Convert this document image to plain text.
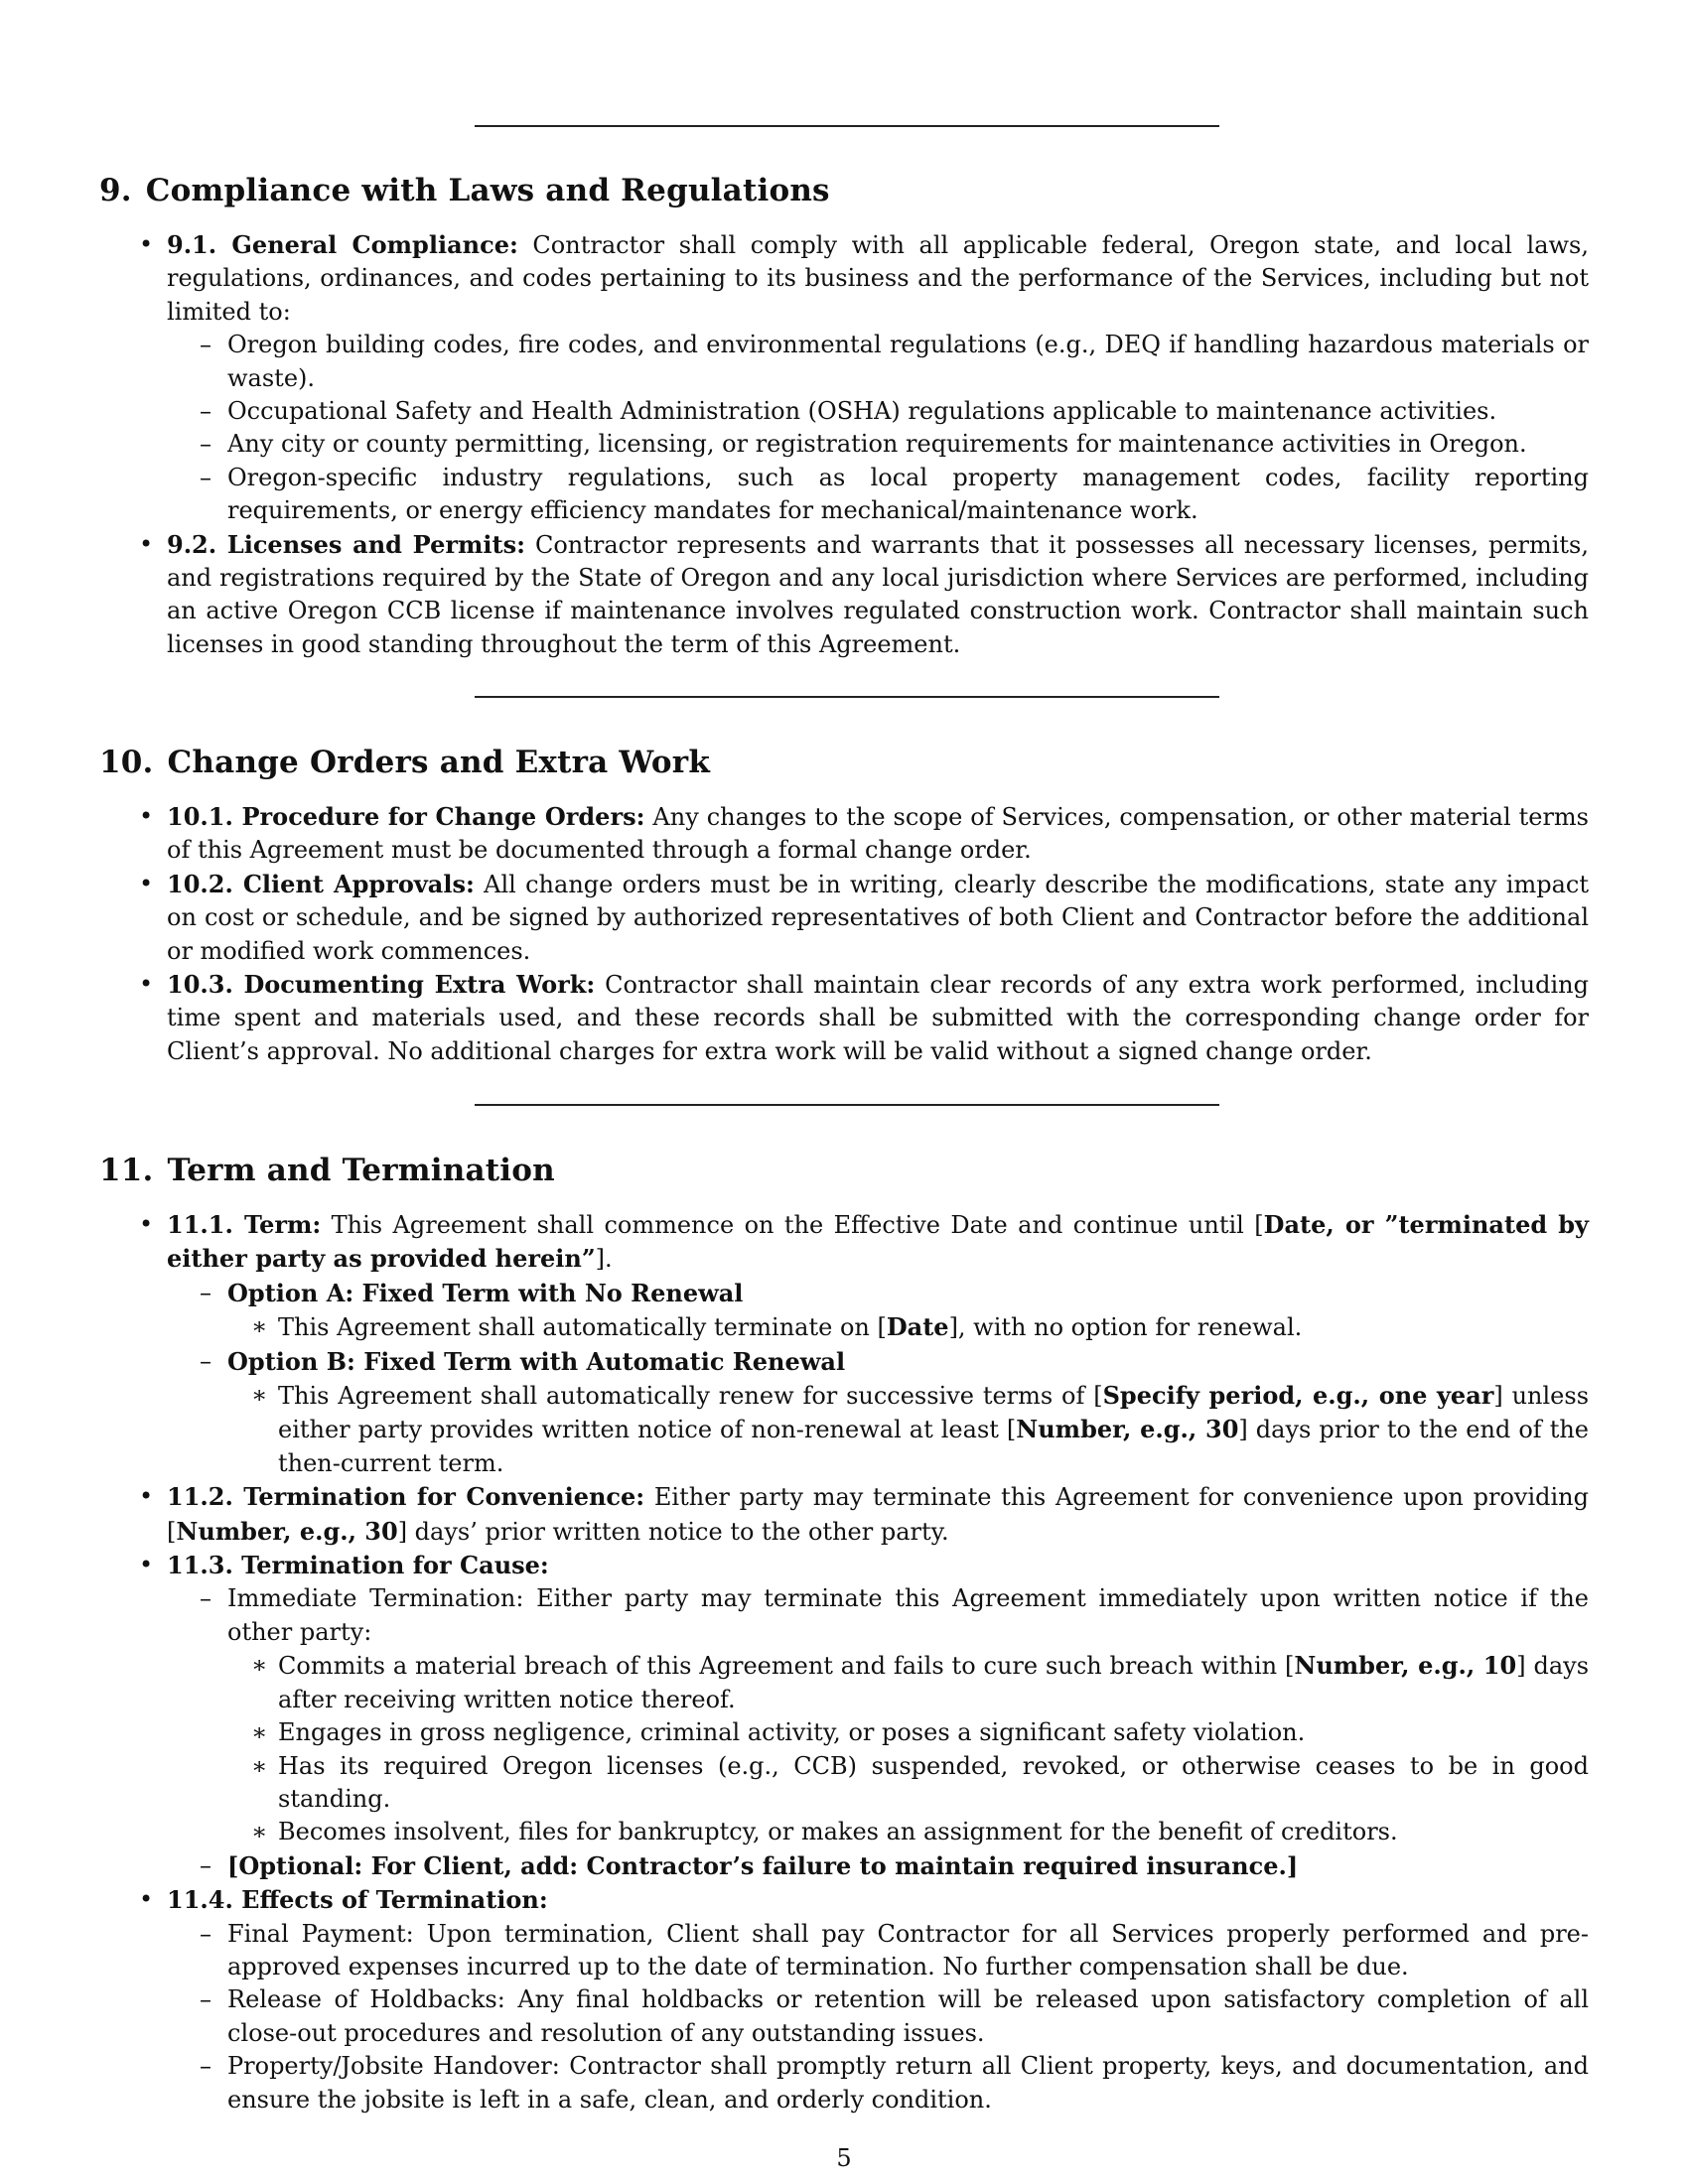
9. Compliance with Laws and Regulations
• 9.1. General Compliance: Contractor shall comply with all applicable federal, Oregon state, and local laws, regulations, ordinances, and codes pertaining to its business and the performance of the Services, including but not limited to:
– Oregon building codes, fire codes, and environmental regulations (e.g., DEQ if handling hazardous materials or waste).
– Occupational Safety and Health Administration (OSHA) regulations applicable to maintenance activities.
– Any city or county permitting, licensing, or registration requirements for maintenance activities in Oregon.
– Oregon-specific industry regulations, such as local property management codes, facility reporting requirements, or energy efficiency mandates for mechanical/maintenance work.
• 9.2. Licenses and Permits: Contractor represents and warrants that it possesses all necessary licenses, permits, and registrations required by the State of Oregon and any local jurisdiction where Services are performed, including an active Oregon CCB license if maintenance involves regulated construction work. Contractor shall maintain such licenses in good standing throughout the term of this Agreement.
10. Change Orders and Extra Work
• 10.1. Procedure for Change Orders: Any changes to the scope of Services, compensation, or other material terms of this Agreement must be documented through a formal change order.
• 10.2. Client Approvals: All change orders must be in writing, clearly describe the modifications, state any impact on cost or schedule, and be signed by authorized representatives of both Client and Contractor before the additional or modified work commences.
• 10.3. Documenting Extra Work: Contractor shall maintain clear records of any extra work performed, including time spent and materials used, and these records shall be submitted with the corresponding change order for Client’s approval. No additional charges for extra work will be valid without a signed change order.
11. Term and Termination
• 11.1. Term: This Agreement shall commence on the Effective Date and continue until [Date, or ”terminated by either party as provided herein”].
– Option A: Fixed Term with No Renewal
∗ This Agreement shall automatically terminate on [Date], with no option for renewal.
– Option B: Fixed Term with Automatic Renewal
∗ This Agreement shall automatically renew for successive terms of [Specify period, e.g., one year] unless either party provides written notice of non-renewal at least [Number, e.g., 30] days prior to the end of the then-current term.
• 11.2. Termination for Convenience: Either party may terminate this Agreement for convenience upon providing [Number, e.g., 30] days’ prior written notice to the other party.
• 11.3. Termination for Cause:
– Immediate Termination: Either party may terminate this Agreement immediately upon written notice if the other party:
∗ Commits a material breach of this Agreement and fails to cure such breach within [Number, e.g., 10] days after receiving written notice thereof.
∗ Engages in gross negligence, criminal activity, or poses a significant safety violation.
∗ Has its required Oregon licenses (e.g., CCB) suspended, revoked, or otherwise ceases to be in good standing.
∗ Becomes insolvent, files for bankruptcy, or makes an assignment for the benefit of creditors.
– [Optional: For Client, add: Contractor’s failure to maintain required insurance.]
• 11.4. Effects of Termination:
– Final Payment: Upon termination, Client shall pay Contractor for all Services properly performed and pre-approved expenses incurred up to the date of termination. No further compensation shall be due.
– Release of Holdbacks: Any final holdbacks or retention will be released upon satisfactory completion of all close-out procedures and resolution of any outstanding issues.
– Property/Jobsite Handover: Contractor shall promptly return all Client property, keys, and documentation, and ensure the jobsite is left in a safe, clean, and orderly condition.
5
